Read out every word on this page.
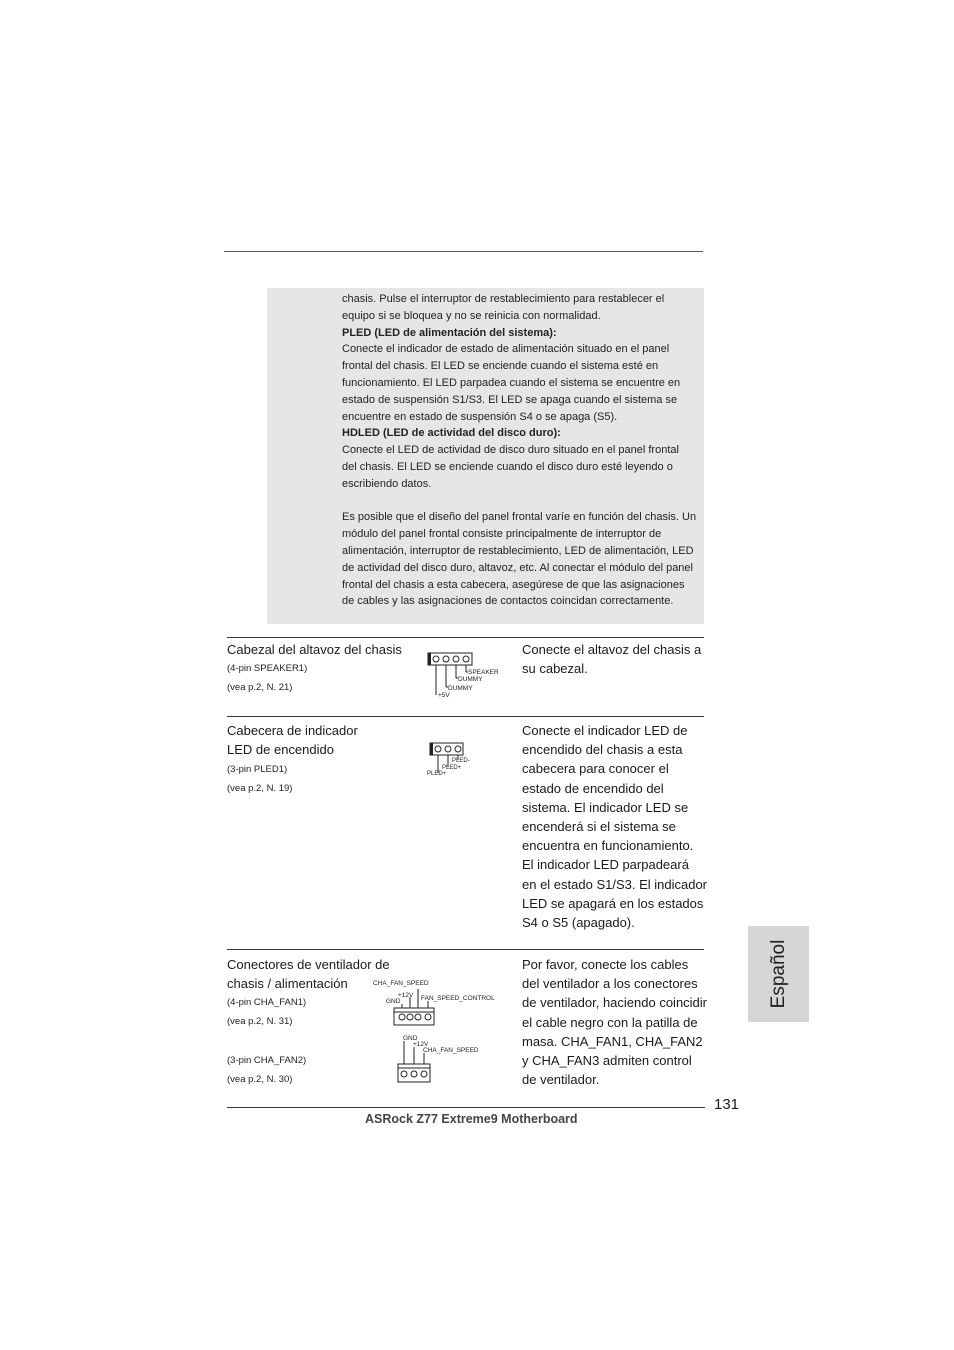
chasis. Pulse el interruptor de restablecimiento para restablecer el

equipo si se bloquea y no se reinicia con normalidad.

PLED (LED de alimentación del sistema):

Conecte el indicador de estado de alimentación situado en el panel

frontal del chasis. El LED se enciende cuando el sistema esté en

funcionamiento. El LED parpadea cuando el sistema se encuentre en

estado de suspensión S1/S3. El LED se apaga cuando el sistema se

encuentre en estado de suspensión S4 o se apaga (S5).

HDLED (LED de actividad del disco duro):

Conecte el LED de actividad de disco duro situado en el panel frontal

del chasis. El LED se enciende cuando el disco duro esté leyendo o

escribiendo datos.

Es posible que el diseño del panel frontal varíe en función del chasis. Un

módulo del panel frontal consiste principalmente de interruptor de

alimentación, interruptor de restablecimiento, LED de alimentación, LED

de actividad del disco duro, altavoz, etc. Al conectar el módulo del panel

frontal del chasis a esta cabecera, asegúrese de que las asignaciones

de cables y las asignaciones de contactos coincidan correctamente.

Cabezal del altavoz del chasis
(4-pin SPEAKER1)
(vea p.2, N. 21)
SPEAKER
DUMMY
DUMMY
+5V

Conecte el altavoz del chasis a

su cabezal.

Cabecera de indicador
LED de encendido
(3-pin PLED1)
(vea p.2, N. 19)
PLED-
PLED+
PLED+

Conecte el indicador LED de

encendido del chasis a esta

cabecera para conocer el

estado de encendido del

sistema. El indicador LED se

encenderá si el sistema se

encuentra en funcionamiento.

El indicador LED parpadeará

en el estado S1/S3. El indicador

LED se apagará en los estados

S4 o S5 (apagado).

Conectores de ventilador de
chasis / alimentación
(4-pin CHA_FAN1)
(vea p.2, N. 31)
(3-pin CHA_FAN2)
(vea p.2, N. 30)
CHA_FAN_SPEED
+12V
GND	FAN_SPEED_CONTROL
GND
+12V
CHA_FAN_SPEED

Por favor, conecte los cables

del ventilador a los conectores

de ventilador, haciendo coincidir

el cable negro con la patilla de

masa. CHA_FAN1, CHA_FAN2

y CHA_FAN3 admiten control

de ventilador.

Español
131
ASRock Z77 Extreme9 Motherboard
